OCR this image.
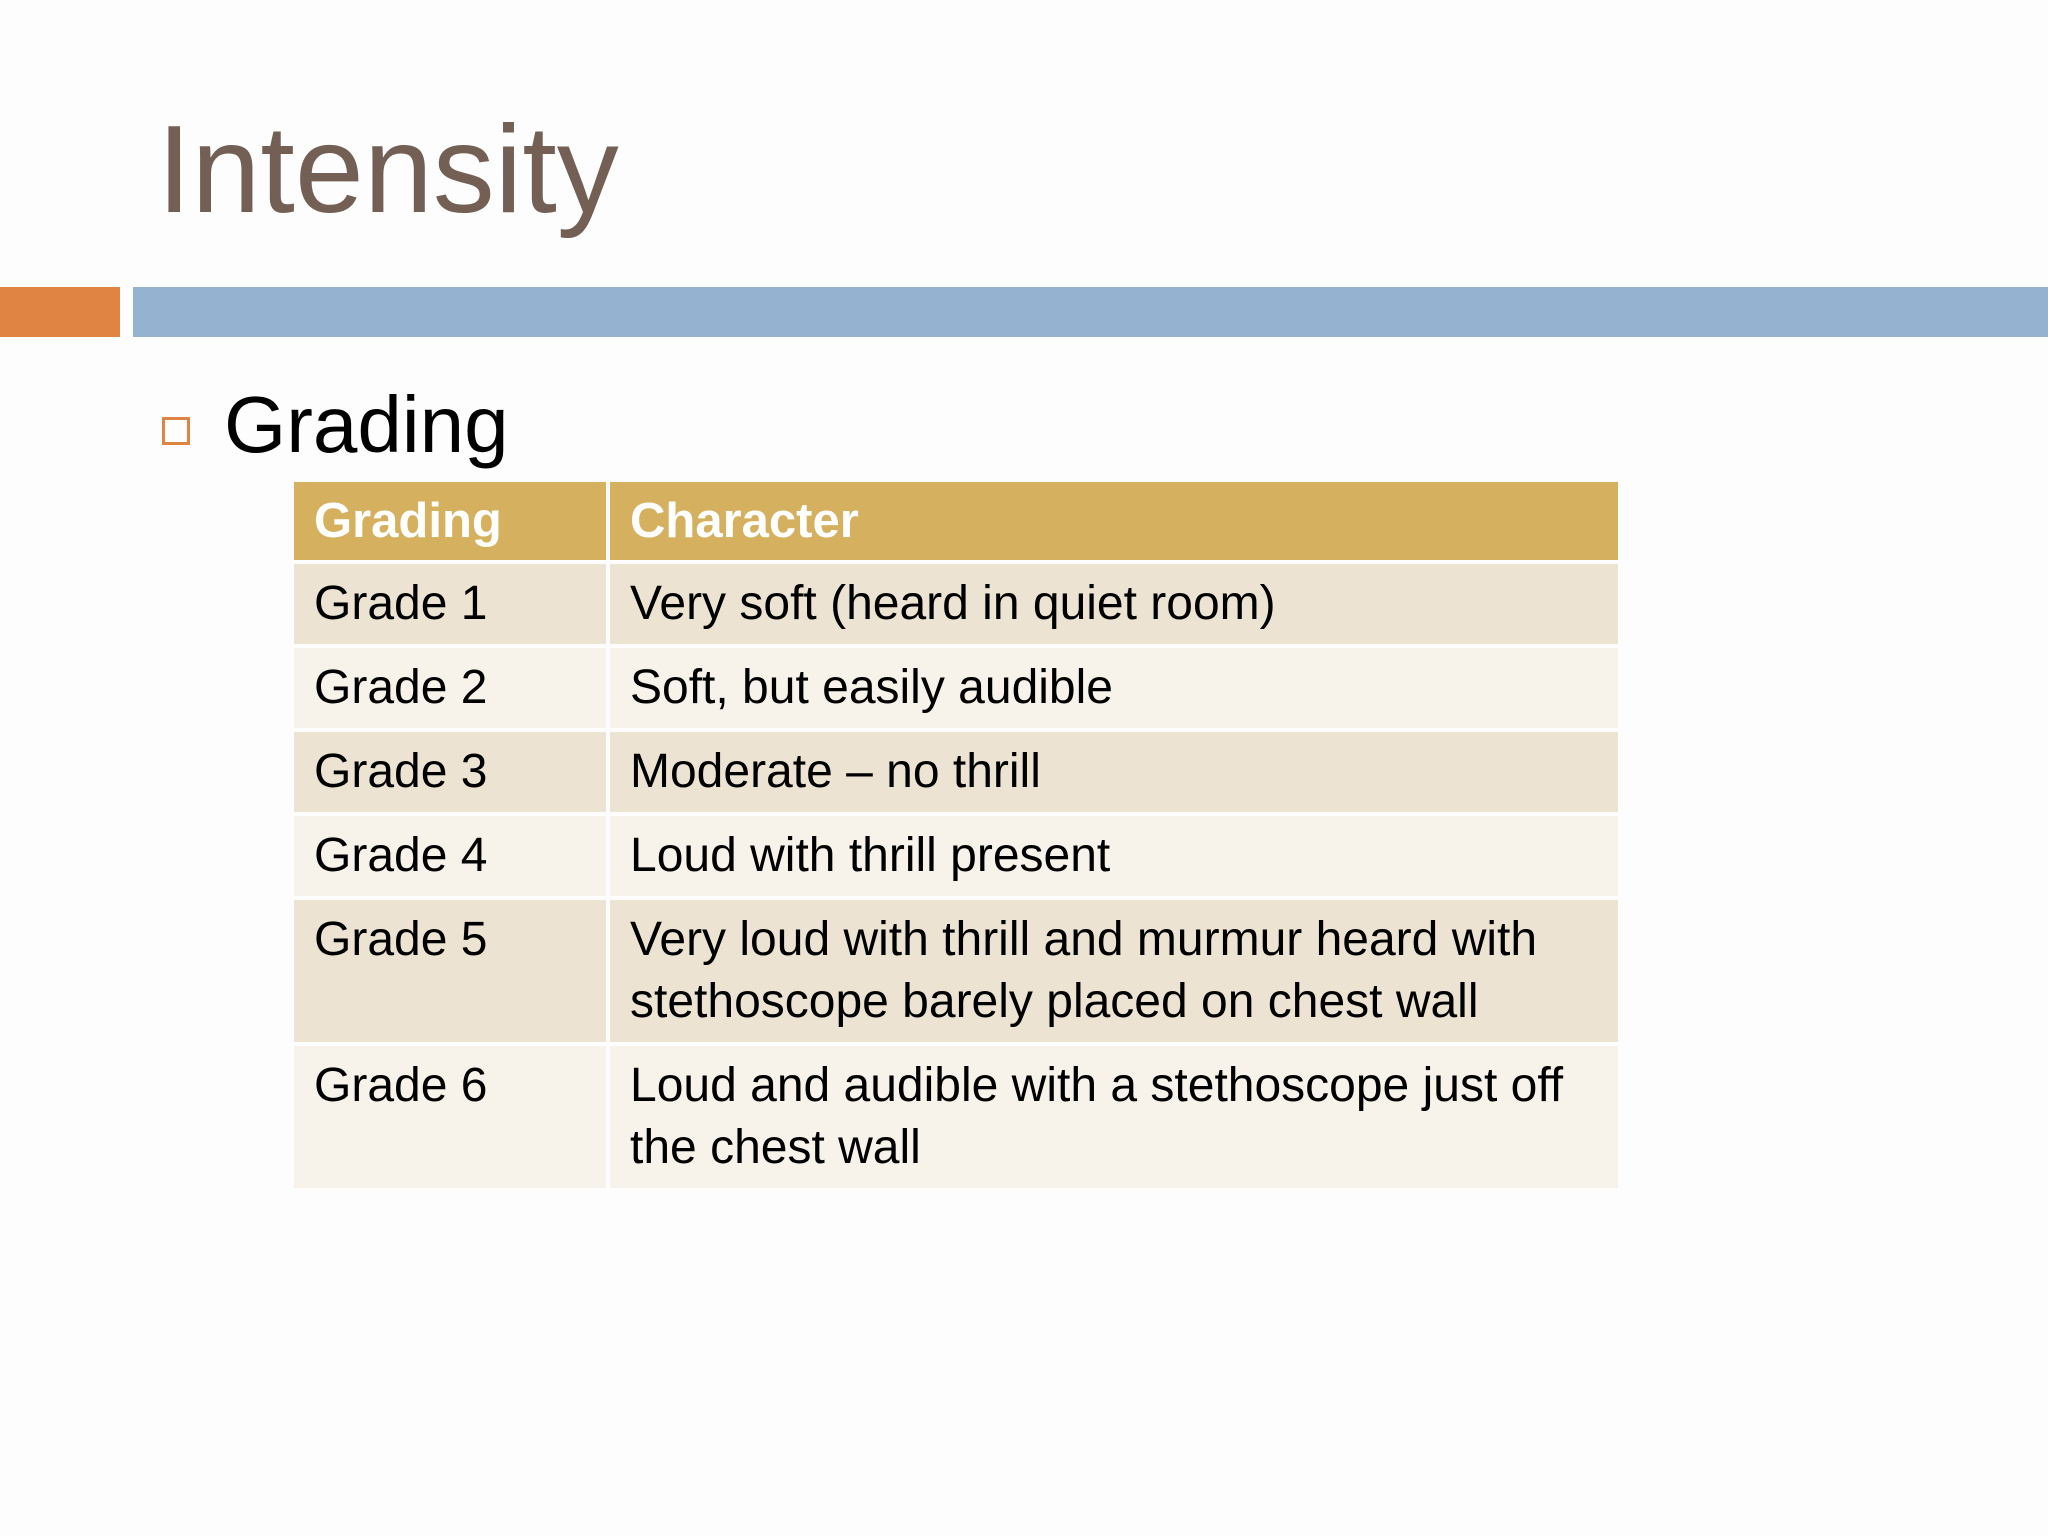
Intensity
Grading
Grading	Character
Grade 1	Very soft (heard in quiet room)
Grade 2	Soft, but easily audible
Grade 3	Moderate – no thrill
Grade 4	Loud with thrill present
Grade 5	Very loud with thrill and murmur heard with stethoscope barely placed on chest wall
Grade 6	Loud and audible with a stethoscope just off the chest wall
